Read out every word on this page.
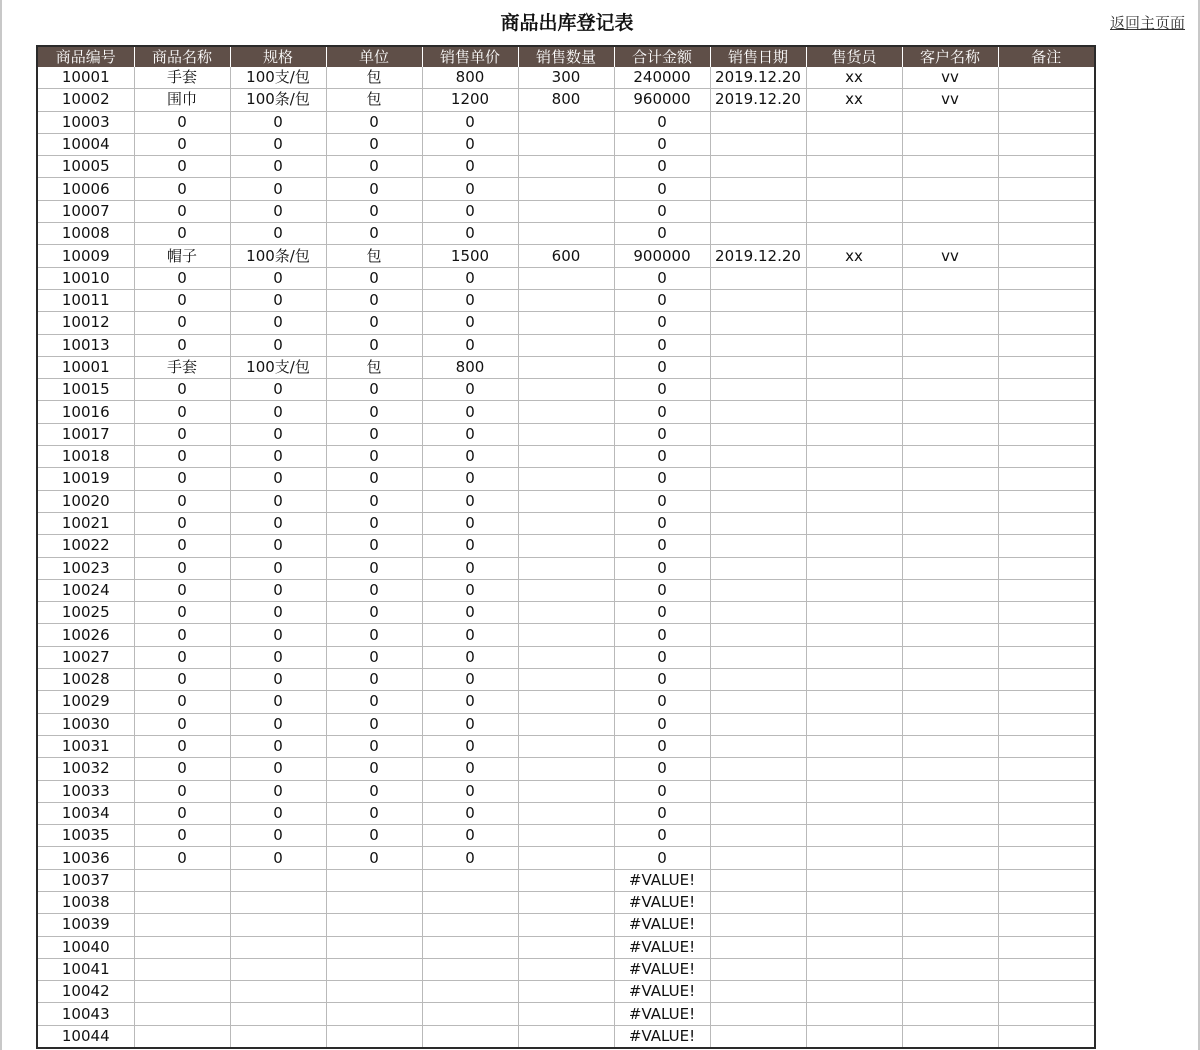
商品出库登记表	返回主页面
商品编号	商品名称	规格	单位	销售单价	销售数量	合计金额	销售日期	售货员	客户名称	备注
10001	手套	100支/包	包	800	300	240000	2019.12.20	xx	vv	
10002	围巾	100条/包	包	1200	800	960000	2019.12.20	xx	vv	
10003	0	0	0	0		0				
10004	0	0	0	0		0				
10005	0	0	0	0		0				
10006	0	0	0	0		0				
10007	0	0	0	0		0				
10008	0	0	0	0		0				
10009	帽子	100条/包	包	1500	600	900000	2019.12.20	xx	vv	
10010	0	0	0	0		0				
10011	0	0	0	0		0				
10012	0	0	0	0		0				
10013	0	0	0	0		0				
10001	手套	100支/包	包	800		0				
10015	0	0	0	0		0				
10016	0	0	0	0		0				
10017	0	0	0	0		0				
10018	0	0	0	0		0				
10019	0	0	0	0		0				
10020	0	0	0	0		0				
10021	0	0	0	0		0				
10022	0	0	0	0		0				
10023	0	0	0	0		0				
10024	0	0	0	0		0				
10025	0	0	0	0		0				
10026	0	0	0	0		0				
10027	0	0	0	0		0				
10028	0	0	0	0		0				
10029	0	0	0	0		0				
10030	0	0	0	0		0				
10031	0	0	0	0		0				
10032	0	0	0	0		0				
10033	0	0	0	0		0				
10034	0	0	0	0		0				
10035	0	0	0	0		0				
10036	0	0	0	0		0				
10037						#VALUE!				
10038						#VALUE!				
10039						#VALUE!				
10040						#VALUE!				
10041						#VALUE!				
10042						#VALUE!				
10043						#VALUE!				
10044						#VALUE!				
